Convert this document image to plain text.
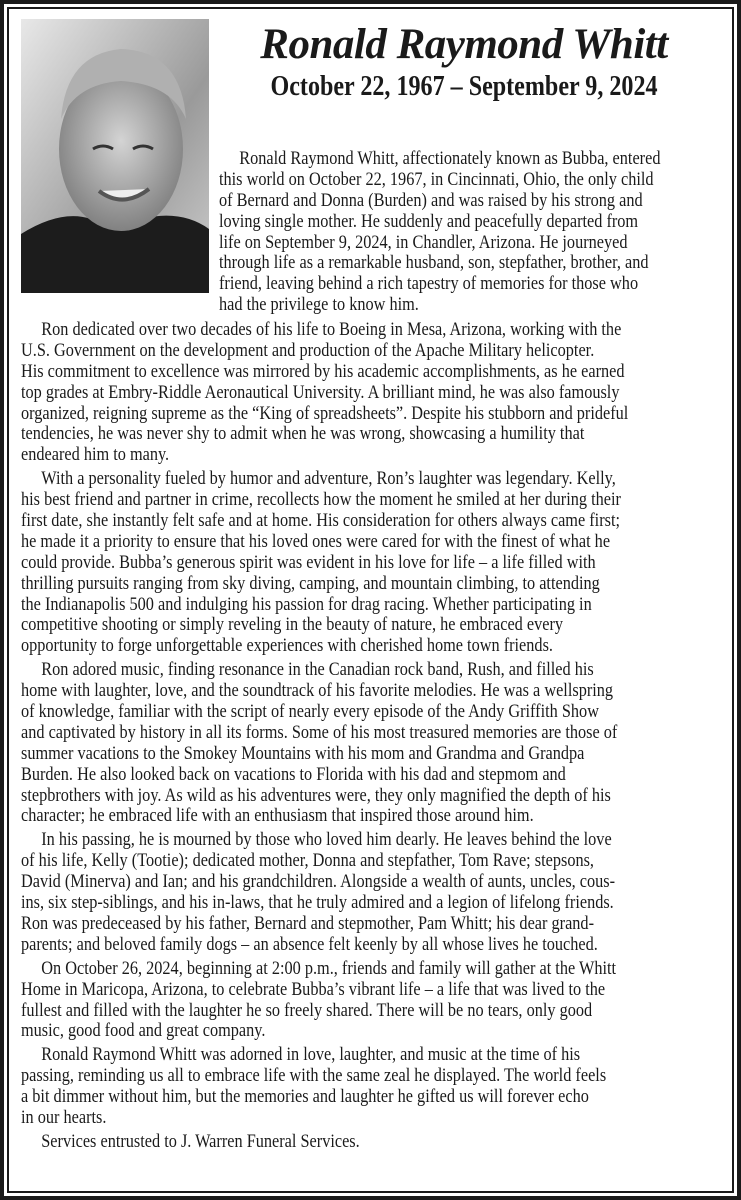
Ronald Raymond Whitt
October 22, 1967 – September 9, 2024
Ronald Raymond Whitt, affectionately known as Bubba, entered
this world on October 22, 1967, in Cincinnati, Ohio, the only child
of Bernard and Donna (Burden) and was raised by his strong and
loving single mother. He suddenly and peacefully departed from
life on September 9, 2024, in Chandler, Arizona. He journeyed
through life as a remarkable husband, son, stepfather, brother, and
friend, leaving behind a rich tapestry of memories for those who
had the privilege to know him.
Ron dedicated over two decades of his life to Boeing in Mesa, Arizona, working with the
U.S. Government on the development and production of the Apache Military helicopter.
His commitment to excellence was mirrored by his academic accomplishments, as he earned
top grades at Embry-Riddle Aeronautical University. A brilliant mind, he was also famously
organized, reigning supreme as the “King of spreadsheets”. Despite his stubborn and prideful
tendencies, he was never shy to admit when he was wrong, showcasing a humility that
endeared him to many.
With a personality fueled by humor and adventure, Ron’s laughter was legendary. Kelly,
his best friend and partner in crime, recollects how the moment he smiled at her during their
first date, she instantly felt safe and at home. His consideration for others always came first;
he made it a priority to ensure that his loved ones were cared for with the finest of what he
could provide. Bubba’s generous spirit was evident in his love for life – a life filled with
thrilling pursuits ranging from sky diving, camping, and mountain climbing, to attending
the Indianapolis 500 and indulging his passion for drag racing. Whether participating in
competitive shooting or simply reveling in the beauty of nature, he embraced every
opportunity to forge unforgettable experiences with cherished home town friends.
Ron adored music, finding resonance in the Canadian rock band, Rush, and filled his
home with laughter, love, and the soundtrack of his favorite melodies. He was a wellspring
of knowledge, familiar with the script of nearly every episode of the Andy Griffith Show
and captivated by history in all its forms. Some of his most treasured memories are those of
summer vacations to the Smokey Mountains with his mom and Grandma and Grandpa
Burden. He also looked back on vacations to Florida with his dad and stepmom and
stepbrothers with joy. As wild as his adventures were, they only magnified the depth of his
character; he embraced life with an enthusiasm that inspired those around him.
In his passing, he is mourned by those who loved him dearly. He leaves behind the love
of his life, Kelly (Tootie); dedicated mother, Donna and stepfather, Tom Rave; stepsons,
David (Minerva) and Ian; and his grandchildren. Alongside a wealth of aunts, uncles, cous-
ins, six step-siblings, and his in-laws, that he truly admired and a legion of lifelong friends.
Ron was predeceased by his father, Bernard and stepmother, Pam Whitt; his dear grand-
parents; and beloved family dogs – an absence felt keenly by all whose lives he touched.
On October 26, 2024, beginning at 2:00 p.m., friends and family will gather at the Whitt
Home in Maricopa, Arizona, to celebrate Bubba’s vibrant life – a life that was lived to the
fullest and filled with the laughter he so freely shared. There will be no tears, only good
music, good food and great company.
Ronald Raymond Whitt was adorned in love, laughter, and music at the time of his
passing, reminding us all to embrace life with the same zeal he displayed. The world feels
a bit dimmer without him, but the memories and laughter he gifted us will forever echo
in our hearts.
Services entrusted to J. Warren Funeral Services.
